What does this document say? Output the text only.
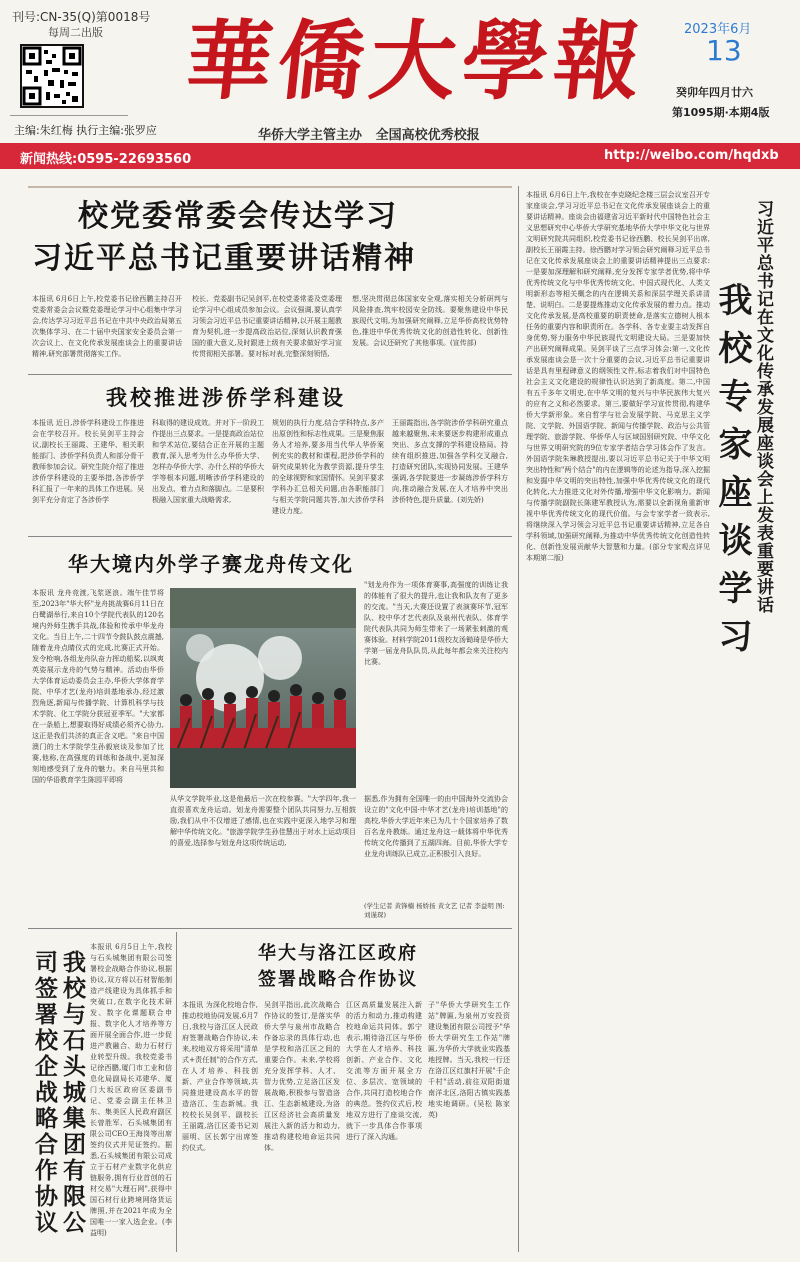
刊号:CN-35(Q)第0018号
每周二出版
主编:朱红梅 执行主编:张罗应
華僑大學報	2023年6月
13
癸卯年四月廿六
第1095期·本期4版
华侨大学主管主办   全国高校优秀校报
新闻热线:0595-22693560	http://weibo.com/hqdxb
校党委常委会传达学习
习近平总书记重要讲话精神

本报讯 6月6日上午,校党委书记徐西鹏主持召开党委常委会会议暨党委理论学习中心组集中学习会,传达学习习近平总书记在中共中央政治局第五次集体学习、在二十届中央国家安全委员会第一次会议上、在文化传承发展座谈会上的重要讲话精神,研究部署贯彻落实工作。

校长、党委副书记吴剑平,在校党委常委及党委理论学习中心组成员参加会议。会议强调,要认真学习领会习近平总书记重要讲话精神,以开展主题教育为契机,进一步提高政治站位,深刻认识教育强国的重大意义,及时跟进上级有关要求做好学习宣传贯彻相关部署。要对标对表,完整深刻领悟,

想,坚决贯彻总体国家安全观,落实相关分析研判与风险排查,筑牢校园安全防线。要聚焦建设中华民族现代文明,为加强研究阐释,立足华侨高校优势特色,推进中华优秀传统文化的创造性转化、创新性发展。会议还研究了其他事项。(宣传部)

我校推进涉侨学科建设

本报讯 近日,涉侨学科建设工作推进会在学校召开。校长吴剑平主持会议,副校长王丽霞、王建华、相关职能部门、涉侨学科负责人和部分骨干教师参加会议。研究生院介绍了推进涉侨学科建设的主要举措,各涉侨学科汇报了一年来的具体工作进展。吴剑平充分肯定了各涉侨学

科取得的建设成效。并对下一阶段工作提出三点要求。一是提高政治站位和学术站位,要结合正在开展的主题教育,深入思考为什么办华侨大学、怎样办华侨大学、办什么样的华侨大学等根本问题,明晰涉侨学科建设的出发点、着力点和落脚点。二是要积极融入国家重大战略需求,

规划的执行力度,结合学科特点,多产出原创性和标志性成果。三是聚焦服务人才培养,要多用当代华人华侨案例充实的教材和课程,把涉侨学科的研究成果转化为教学资源,提升学生的全球视野和家国情怀。吴剑平要求学科办汇总相关问题,由各职能部门与相关学院同题共答,加大涉侨学科建设力度。

王丽霞指出,各学院涉侨学科研究重点越来越聚焦,未来要逐步构建形成重点突出、多点支撑的学科建设格局。持续有组织推进,加强各学科交叉融合,打造研究团队,实现协同发展。王建华强调,各学院要进一步凝练涉侨学科方向,推动融合发展,在人才培养中突出涉侨特色,提升质量。(刘先娇)

华大境内外学子赛龙舟传文化

本报讯 龙舟竞渡,飞浆逐浪。端午佳节将至,2023年"华大杯"龙舟挑战赛6月11日在白鹭湖举行,来自10个学院代表队的120名境内外师生携手共战,体验和传承中华龙舟文化。当日上午,二十四节令鼓队鼓点震撼,随着龙舟点睛仪式的完成,比赛正式开始。发令枪响,各组龙舟队奋力挥动船桨,以飒爽英姿展示龙舟的气势与精神。活动由华侨大学体育运动委员会主办,华侨大学体育学院、中华才艺(龙舟)培训基地承办,经过激烈角逐,新闻与传播学院、计算机科学与技术学院、化工学院分获冠亚季军。"大家都在一条船上,想要取得好成绩必须齐心协力,这正是我们共济的真正含义吧。"来自中国澳门的土木学院学生孙毅宸谈及参加了比赛,他称,在高强度的训练和备战中,更加深刻地感受到了龙舟的魅力。来自马里共和国的华语教育学生陈园平即将

从华文学院毕业,这是他最后一次在校参赛。"大学四年,我一直很喜欢龙舟运动。划龙舟需要整个团队共同努力,互相鼓励,我们从中不仅增进了感情,也在实践中更深入地学习和理解中华传统文化。"旅游学院学生孙佳慧出于对水上运动项目的喜爱,选择参与划龙舟这项传统运动,

"划龙舟作为一项体育赛事,高强度的训练让我的体能有了很大的提升,也让我和队友有了更多的交流。"当天,大赛还设置了表演赛环节,冠军队、校中华才艺代表队及泉州代表队、体育学院代表队共同为师生带来了一场紧张刺激的观赛体验。材料学院2011级校友汤锄琦是华侨大学第一届龙舟队队员,从此每年都会来关注校内比赛。

据悉,作为拥有全国唯一的由中国海外交流协会设立的"文化中国·中华才艺(龙舟)培训基地"的高校,华侨大学近年来已为几十个国家培养了数百名龙舟教练。通过龙舟这一载体将中华优秀传统文化传播到了五湖四海。目前,华侨大学专业龙舟训练队已成立,正积极引入良好。

(学生记者 黄锋楠 杨娇扬 黄文艺 记者 李益明 图:刘谨琛)
习近平总书记在文化传承发展座谈会上发表重要讲话
我校专家座谈学习

本报讯 6月6日上午,我校在李克晓纪念楼三层会议室召开专家座谈会,学习习近平总书记在文化传承发展座谈会上的重要讲话精神。座谈会由福建省习近平新时代中国特色社会主义思想研究中心华侨大学研究基地华侨大学中华文化与世界文明研究院共同组织,校党委书记徐西鹏、校长吴剑平出席,副校长王丽霞主持。徐西鹏对学习领会研究阐释习近平总书记在文化传承发展座谈会上的重要讲话精神提出三点要求:一是要加深理解和研究阐释,充分发挥专家学者优势,将中华优秀传统文化与中华优秀传统文化、中国式现代化、人类文明新形态等相关概念的内在逻辑关系和深层学理关系讲清楚、说明白。二是要提炼推动文化传承发展的着力点。推动文化传承发展,是高校重要的职责使命,是落实立德树人根本任务的重要内容和职责所在。各学科、各专业要主动发挥自身优势,努力服务中华民族现代文明建设大局。三是要加快产出研究阐释成果。吴剑平谈了三点学习体会:第一,文化传承发展座谈会是一次十分重要的会议,习近平总书记重要讲话是具有里程碑意义的纲领性文件,标志着我们对中国特色社会主义文化建设的规律性认识达到了新高度。第二,中国有五千多年文明史,在中华文明的复兴与中华民族伟大复兴的应有之义和必然要求。第三,要做好学习宣传贯彻,构建华侨大学新形象。来自哲学与社会发展学院、马克思主义学院、文学院、外国语学院、新闻与传播学院、政治与公共管理学院、旅游学院、华侨华人与区域国别研究院、中华文化与世界文明研究院的9位专家学者结合学习体会作了发言。外国语学院朱琳教授提出,要以习近平总书记关于中华文明突出特性和"两个结合"的内在逻辑等的论述为指导,深入挖掘和发掘中华文明的突出特性,加强中华优秀传统文化的现代化转化,大力推进文化对外传播,增强中华文化影响力。新闻与传播学院副院长陈建军教授认为,需要以全新视角重新审视中华优秀传统文化的现代价值。与会专家学者一致表示,将继续深入学习领会习近平总书记重要讲话精神,立足各自学科领域,加强研究阐释,为推动中华优秀传统文化创造性转化、创新性发展贡献华大智慧和力量。(部分专家观点详见本期第二版)

我校与石头城集团有限公司签署校企战略合作协议

本报讯 6月5日上午,我校与石头城集团有限公司签署校企战略合作协议,根据协议,双方将以石材智能制造产线建设为具体抓手和突破口,在数字化技术研发、数字化课题联合申报、数字化人才培养等方面开展全面合作,进一步促进产教融合、助力石材行业转型升级。我校党委书记徐西鹏,厦门市工业和信息化局副局长邓建华、厦门大坂区政府区委副书记、党委会副主任林卫东、集美区人民政府副区长曾胜军、石头城集团有限公司CEO王海岗等出席签约仪式并见证签约。据悉,石头城集团有限公司成立于石材产业数字化供应链服务,拥有行业首创的石材交易"大理石网",获得中国石材行业跨境网络货运牌照,并在2021年成为全国唯一一家入选企业。(李益明)

华大与洛江区政府
签署战略合作协议

本报讯 为深化校地合作,推动校地协同发展,6月7日,我校与洛江区人民政府签署战略合作协议,未来,校地双方将采用"清单式+责任制"的合作方式,在人才培养、科技创新、产业合作等领域,共同推进建设高水平的智造洛江、生态新城。我校校长吴剑平、副校长王丽霞,洛江区委书记刘丽明、区长郭宁出席签约仪式。

吴剑平指出,此次战略合作协议的签订,是落实华侨大学与泉州市战略合作备忘录的具体行动,也是学校和洛江区之间的重要合作。未来,学校将充分发挥学科、人才、智力优势,立足洛江区发展战略,积极参与智造洛江、生态新城建设,为洛江区经济社会高质量发展注入新的活力和动力,推动构建校地命运共同体。

江区高质量发展注入新的活力和动力,推动构建校地命运共同体。郭宁表示,期待洛江区与华侨大学在人才培养、科技创新、产业合作、文化交流等方面开展全方位、多层次、宽领域的合作,共同打造校地合作的典范。签约仪式后,校地双方进行了座谈交流,就下一步具体合作事项进行了深入沟通。

子"华侨大学研究生工作站"牌匾,为泉州万安投资建设集团有限公司授予"华侨大学研究生工作站"牌匾,为华侨大学就业实践基地授牌。当天,我校一行还在洛江区红旗村开展"千企千村"活动,前往双阳街道南洋北区,洛阳古镇实践基地实地调研。(吴松 陈家英)
